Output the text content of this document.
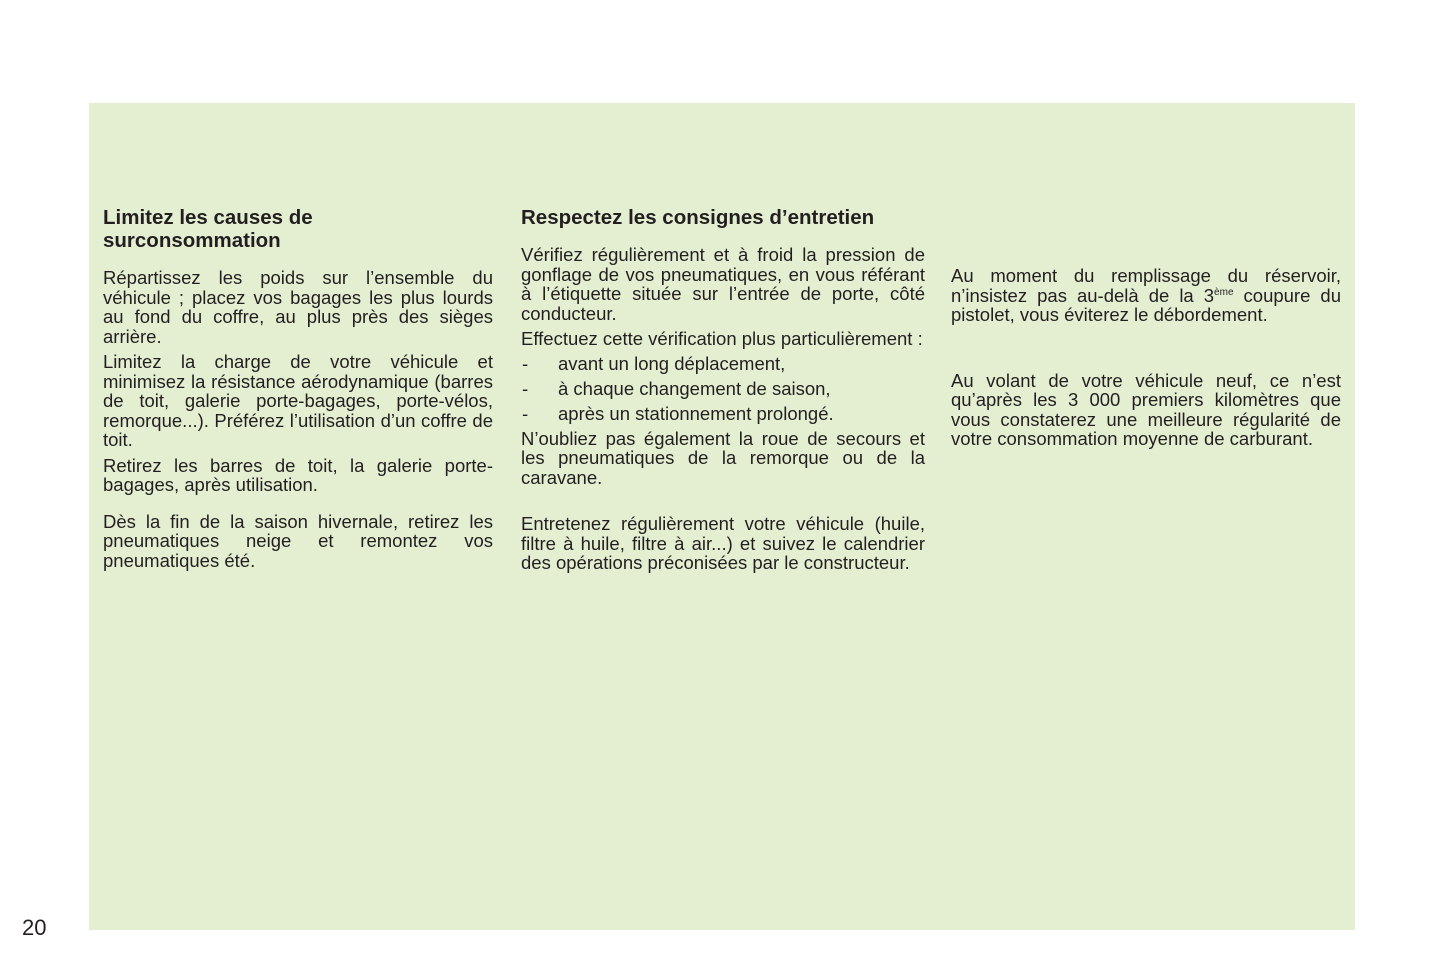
Limitez les causes de surconsommation

Répartissez les poids sur l’ensemble du véhicule ; placez vos bagages les plus lourds au fond du coffre, au plus près des sièges arrière.

Limitez la charge de votre véhicule et minimisez la résistance aérodynamique (barres de toit, galerie porte-bagages, porte-vélos, remorque...). Préférez l’utilisation d’un coffre de toit.

Retirez les barres de toit, la galerie porte-bagages, après utilisation.

Dès la fin de la saison hivernale, retirez les pneumatiques neige et remontez vos pneumatiques été.

Respectez les consignes d’entretien

Vérifiez régulièrement et à froid la pression de gonflage de vos pneumatiques, en vous référant à l’étiquette située sur l’entrée de porte, côté conducteur.

Effectuez cette vérification plus particulièrement :

- avant un long déplacement,
- à chaque changement de saison,
- après un stationnement prolongé.

N’oubliez pas également la roue de secours et les pneumatiques de la remorque ou de la caravane.

Entretenez régulièrement votre véhicule (huile, filtre à huile, filtre à air...) et suivez le calendrier des opérations préconisées par le constructeur.

Au moment du remplissage du réservoir, n’insistez pas au-delà de la 3ème coupure du pistolet, vous éviterez le débordement.

Au volant de votre véhicule neuf, ce n’est qu’après les 3 000 premiers kilomètres que vous constaterez une meilleure régularité de votre consommation moyenne de carburant.

20
